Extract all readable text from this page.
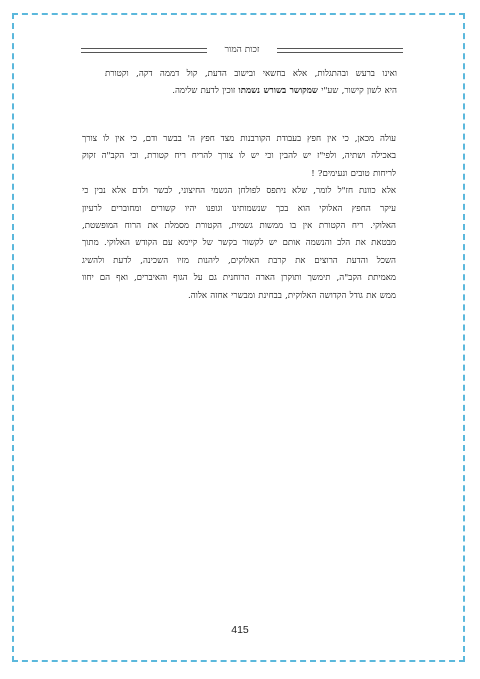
זכות המור
ואינו ברעש ובהתגלות, אלא בחשאי ובישוב הדעת, קול דממה דקה, וקטורת
היא לשון קישור, שע"י שמקושר בשורש נשמתו זוכין לדעת שלימה.
עולה מכאן, כי אין חפץ בעבודת הקורבנות מצד חפץ ה' בבשר ודם, כי אין לו צורך
באכילה ושתיה, ולפי"ז יש להבין וכי יש לו צורך להריח ריח קטורת, וכי הקב"ה זקוק
לריחות טובים ונעימים? !
אלא כוונת חז"ל לומר, שלא ניתפס לפולחן הגשמי החיצוני, לבשר ולדם אלא נבין כי
עיקר החפץ האלוקי הוא בכך שנשמותינו וגופנו יהיו קשורים ומחוברים לרעיון
האלוקי. ריח הקטורת אין בו ממשות גשמית, הקטורת מסמלת את הרוח המופשטת,
מבטאת את הלב והנשמה אותם יש לקשור בקשר של קיימא עם הקודש האלוקי. מתוך
השכל והדעת הרוצים את קרבת האלוקים, ליהנות מזיו השכינה, לדעת ולהשיג
מאמיתת הקב"ה, תימשך ותוקרן הארה הרוחנית גם על הגוף והאיברים, ואף הם יחוו
ממש את גודל הקדושה האלוקית, בבחינת ומבשרי אחזה אלוה.
415
